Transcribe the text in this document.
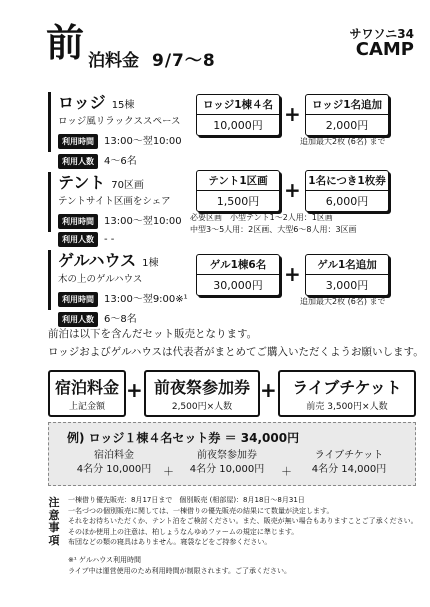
前 泊料金 9/7～8
サワソニ34
CAMP
ロッジ 15棟
ロッジ風リラックススペース
利用時間 13:00～翌10:00
利用人数 4～6名
ロッジ1棟４名
10,000円	+	ロッジ1名追加
2,000円
追加最大2枚 (6名) まで
テント 70区画
テントサイト区画をシェア
利用時間 13:00～翌10:00
利用人数 - -
テント1区画
1,500円	+ 1名につき1枚券
6,000円
必要区画　小型テント1～2人用：1区画
中型3～5人用：2区画、大型6～8人用：3区画
ゲルハウス 1棟
木の上のゲルハウス
利用時間 13:00～翌9:00※¹
利用人数 6～8名
ゲル1棟6名
30,000円	+	ゲル1名追加
3,000円
追加最大2枚 (6名) まで
前泊は以下を含んだセット販売となります。
ロッジおよびゲルハウスは代表者がまとめてご購入いただくようお願いします。
宿泊料金
上記金額
+ 前夜祭参加券
2,500円×人数
+ ライブチケット
前売 3,500円×人数
例) ロッジ１棟４名セット券 ＝ 34,000円
宿泊料金
4名分 10,000円	＋
前夜祭参加券
4名分 10,000円	＋
ライブチケット
4名分 14,000円
注意事項
一棟借り優先販売：8月17日まで　個別販売 (相部屋)：8月18日～8月31日
一名づつの個別販売に関しては、一棟借りの優先販売の結果にて数量が決定します。
それをお待ちいただくか、テント泊をご検討ください。また、販売が無い場合もありますことご了承ください。
そのほか使用上の注意は、柏しょうなんゆめファームの規定に準じます。
布団などの類の寝具はありません。寝袋などをご持参ください。
※¹ ゲルハウス利用時間
ライブ中は運営使用のため利用時間が制限されます。ご了承ください。
